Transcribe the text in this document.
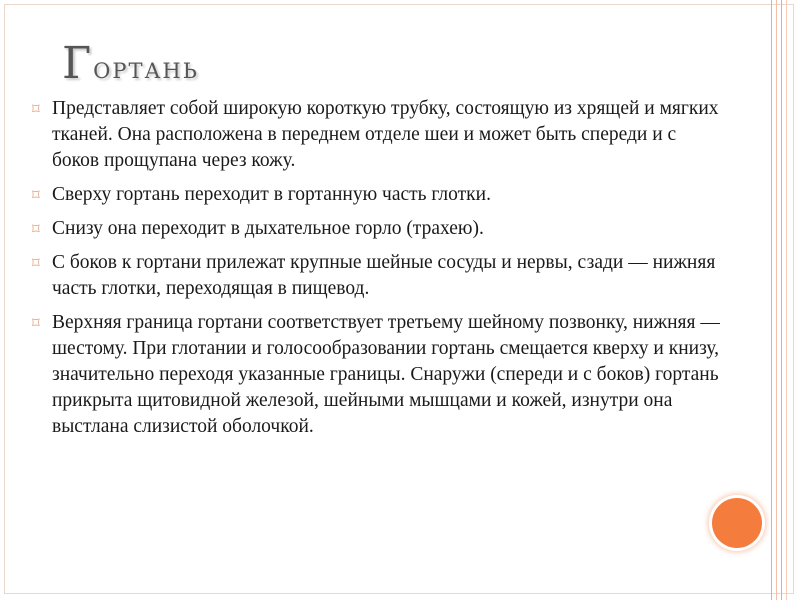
Гортань
⌑ Представляет собой широкую короткую трубку, состоящую из хрящей и мягких тканей. Она расположена в переднем отделе шеи и может быть спереди и с боков прощупана через кожу.
⌑ Сверху гортань переходит в гортанную часть глотки.
⌑ Снизу она переходит в дыхательное горло (трахею).
⌑ С боков к гортани прилежат крупные шейные сосуды и нервы, сзади — нижняя часть глотки, переходящая в пищевод.
⌑ Верхняя граница гортани соответствует третьему шейному позвонку, нижняя — шестому. При глотании и голосообразовании гортань смещается кверху и книзу, значительно переходя указанные границы. Снаружи (спереди и с боков) гортань прикрыта щитовидной железой, шейными мышцами и кожей, изнутри она выстлана слизистой оболочкой.
